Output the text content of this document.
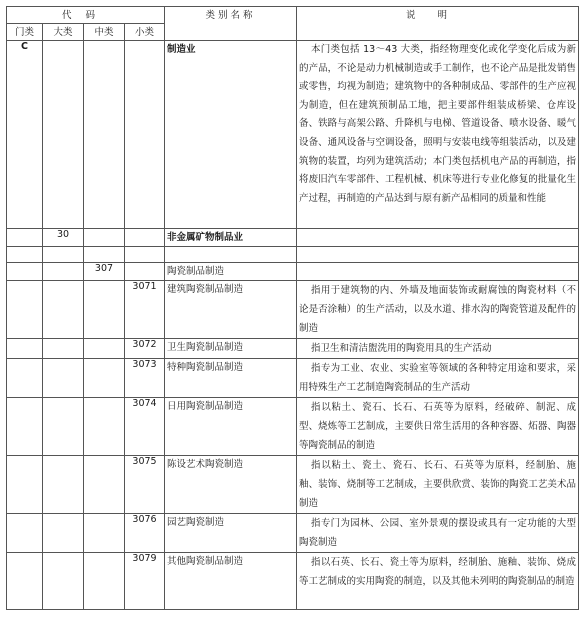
代码				类别名称	说明
门类	大类	中类	小类		
C				制造业	本门类包括 13～43 大类，指经物理变化或化学变化后成为新的产品，不论是动力机械制造或手工制作，也不论产品是批发销售或零售，均视为制造；建筑物中的各种制成品、零部件的生产应视为制造，但在建筑预制品工地，把主要部件组装成桥梁、仓库设备、铁路与高架公路、升降机与电梯、管道设备、喷水设备、暖气设备、通风设备与空调设备，照明与安装电线等组装活动，以及建筑物的装置，均列为建筑活动；本门类包括机电产品的再制造，指将废旧汽车零部件、工程机械、机床等进行专业化修复的批量化生产过程，再制造的产品达到与原有新产品相同的质量和性能
	30			非金属矿物制品业	

		307		陶瓷制品制造	
			3071	建筑陶瓷制品制造	指用于建筑物的内、外墙及地面装饰或耐腐蚀的陶瓷材料（不论是否涂釉）的生产活动，以及水道、排水沟的陶瓷管道及配件的制造
			3072	卫生陶瓷制品制造	指卫生和清洁盥洗用的陶瓷用具的生产活动
			3073	特种陶瓷制品制造	指专为工业、农业、实验室等领域的各种特定用途和要求，采用特殊生产工艺制造陶瓷制品的生产活动
			3074	日用陶瓷制品制造	指以粘土、瓷石、长石、石英等为原料，经破碎、制泥、成型、烧炼等工艺制成，主要供日常生活用的各种容器、炻器、陶器等陶瓷制品的制造
			3075	陈设艺术陶瓷制造	指以粘土、瓷土、瓷石、长石、石英等为原料，经制胎、施釉、装饰、烧制等工艺制成，主要供欣赏、装饰的陶瓷工艺美术品制造
			3076	园艺陶瓷制造	指专门为园林、公园、室外景观的摆设或具有一定功能的大型陶瓷制造
			3079	其他陶瓷制品制造	指以石英、长石、瓷土等为原料，经制胎、施釉、装饰、烧成等工艺制成的实用陶瓷的制造，以及其他未列明的陶瓷制品的制造
